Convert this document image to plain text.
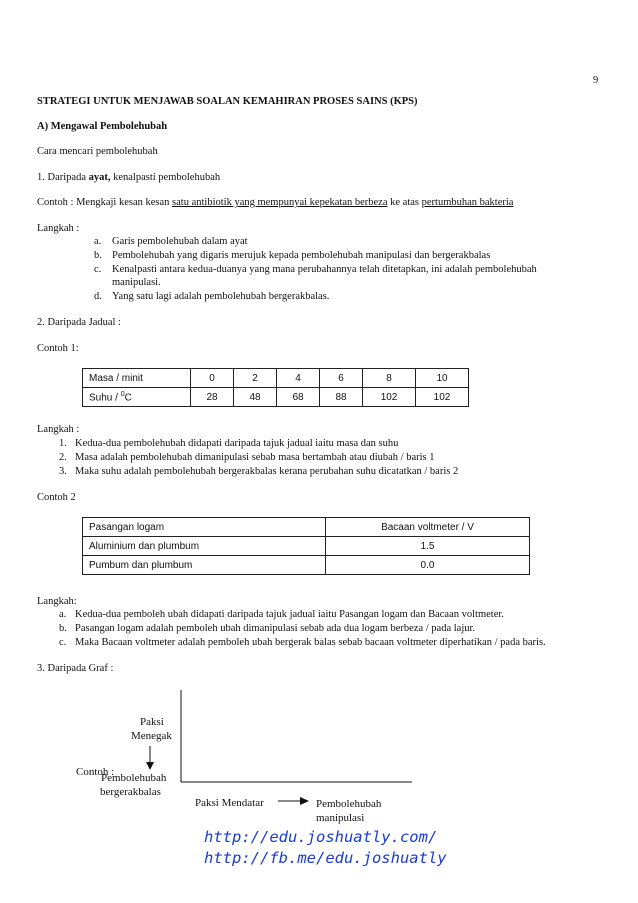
9
STRATEGI UNTUK MENJAWAB SOALAN KEMAHIRAN PROSES SAINS (KPS)
A) Mengawal Pembolehubah
Cara mencari pembolehubah
1. Daripada ayat, kenalpasti pembolehubah
Contoh : Mengkaji kesan kesan satu antibiotik yang mempunyai kepekatan berbeza ke atas pertumbuhan bakteria
Langkah :
a. Garis pembolehubah dalam ayat
b. Pembolehubah yang digaris merujuk kepada pembolehubah manipulasi dan bergerakbalas
c. Kenalpasti antara kedua-duanya yang mana perubahannya telah ditetapkan, ini adalah pembolehubah
manipulasi.
d. Yang satu lagi adalah pembolehubah bergerakbalas.
2. Daripada Jadual :
Contoh 1:
Masa / minit	0	2	4	6	8	10
Suhu / $^0$C	28	48	68	88	102	102
Langkah :
1. Kedua-dua pembolehubah didapati daripada tajuk jadual iaitu masa dan suhu
2. Masa adalah pembolehubah dimanipulasi sebab masa bertambah atau diubah / baris 1
3. Maka suhu adalah pembolehubah bergerakbalas kerana perubahan suhu dicatatkan / baris 2
Contoh 2
Pasangan logam	Bacaan voltmeter / V
Aluminium dan plumbum	1.5
Pumbum dan plumbum	0.0
Langkah:
a. Kedua-dua pemboleh ubah didapati daripada tajuk jadual iaitu Pasangan logam dan Bacaan voltmeter.
b. Pasangan logam adalah pemboleh ubah dimanipulasi sebab ada dua logam berbeza / pada lajur.
c. Maka Bacaan voltmeter adalah pemboleh ubah bergerak balas sebab bacaan voltmeter diperhatikan / pada baris.
3. Daripada Graf :
Paksi
Menegak
Contoh :
Pembolehubah
bergerakbalas
Paksi Mendatar	Pembolehubah
manipulasi
http://edu.joshuatly.com/
http://fb.me/edu.joshuatly
